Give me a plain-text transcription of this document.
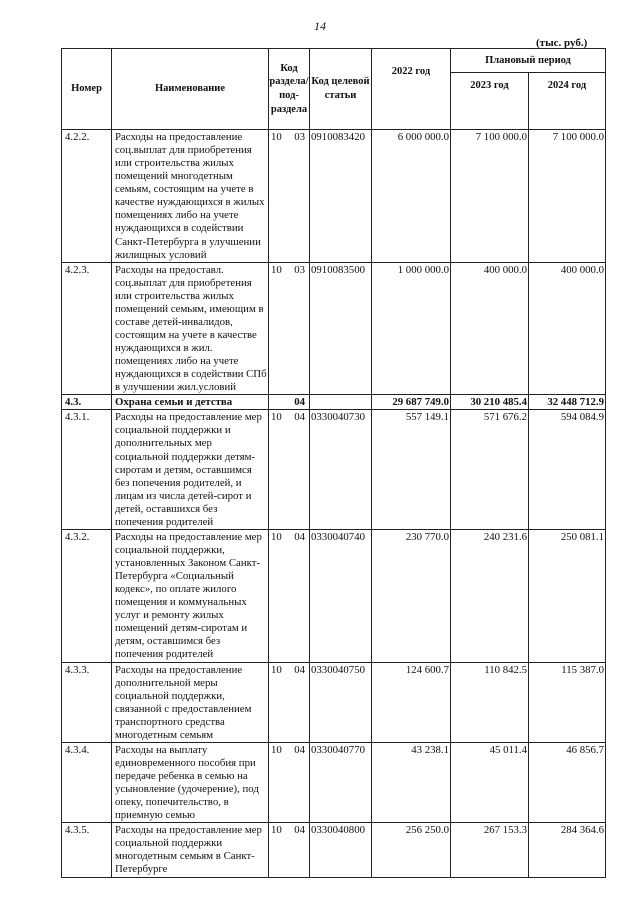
14
(тыс. руб.)
Номер	Наименование	Код раздела/ под- раздела	Код целевой статьи	2022 год	Плановый период	
					2023 год	2024 год
4.2.2.	Расходы на предоставление соц.выплат для приобретения или строительства жилых помещений многодетным семьям, состоящим на учете в качестве нуждающихся в жилых помещениях либо на учете нуждающихся в содействии Санкт-Петербурга в улучшении жилищных условий	10 03	0910083420	6 000 000.0	7 100 000.0	7 100 000.0
4.2.3.	Расходы на предоставл. соц.выплат для приобретения или строительства жилых помещений семьям, имеющим в составе детей-инвалидов, состоящим на учете в качестве нуждающихся в жил. помещениях либо на учете нуждающихся в содействии СПб в улучшении жил.условий	10 03	0910083500	1 000 000.0	400 000.0	400 000.0
4.3.	Охрана семьи и детства	04		29 687 749.0	30 210 485.4	32 448 712.9
4.3.1.	Расходы на предоставление мер социальной поддержки и дополнительных мер социальной поддержки детям-сиротам и детям, оставшимся без попечения родителей, и лицам из числа детей-сирот и детей, оставшихся без попечения родителей	10 04	0330040730	557 149.1	571 676.2	594 084.9
4.3.2.	Расходы на предоставление мер социальной поддержки, установленных Законом Санкт-Петербурга «Социальный кодекс», по оплате жилого помещения и коммунальных услуг и ремонту жилых помещений детям-сиротам и детям, оставшимся без попечения родителей	10 04	0330040740	230 770.0	240 231.6	250 081.1
4.3.3.	Расходы на предоставление дополнительной меры социальной поддержки, связанной с предоставлением транспортного средства многодетным семьям	10 04	0330040750	124 600.7	110 842.5	115 387.0
4.3.4.	Расходы на выплату единовременного пособия при передаче ребенка в семью на усыновление (удочерение), под опеку, попечительство, в приемную семью	10 04	0330040770	43 238.1	45 011.4	46 856.7
4.3.5.	Расходы на предоставление мер социальной поддержки многодетным семьям в Санкт-Петербурге	10 04	0330040800	256 250.0	267 153.3	284 364.6
